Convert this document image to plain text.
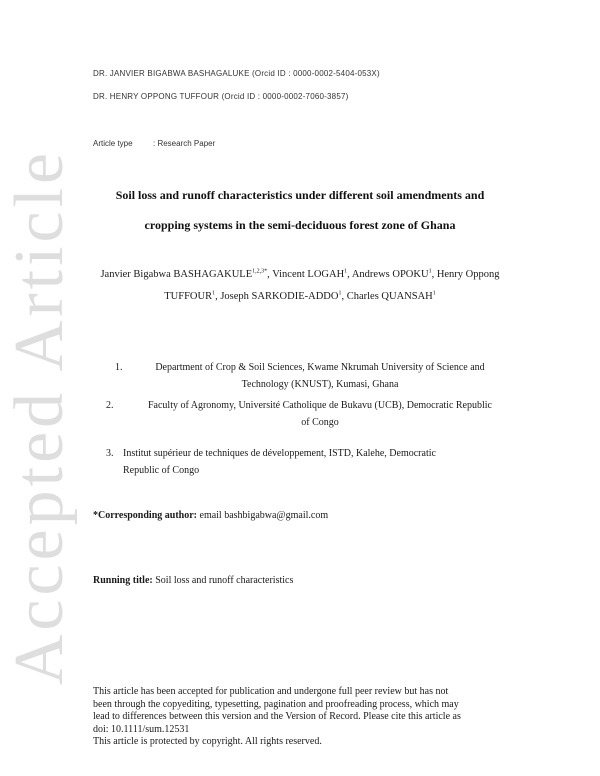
Accepted Article
DR. JANVIER BIGABWA BASHAGALUKE (Orcid ID : 0000-0002-5404-053X)
DR. HENRY OPPONG TUFFOUR (Orcid ID : 0000-0002-7060-3857)
Article type	: Research Paper
Soil loss and runoff characteristics under different soil amendments and
cropping systems in the semi-deciduous forest zone of Ghana
Janvier Bigabwa $BASHAGAKULE^{1,2,3*}$, Vincent LOGAH$^1$, Andrews OPOKU$^1$, Henry Oppong TUFFOUR$^1$, Joseph SARKODIE-ADDO$^1$, Charles QUANSAH$^1$
1.	Department of Crop & Soil Sciences, Kwame Nkrumah University of Science and
Technology (KNUST), Kumasi, Ghana
2.	Faculty of Agronomy, Université Catholique de Bukavu (UCB), Democratic Republic
of Congo
3. Institut supérieur de techniques de développement, ISTD, Kalehe, Democratic
Republic of Congo
*Corresponding author: email bashbigabwa@gmail.com
Running title: Soil loss and runoff characteristics
This article has been accepted for publication and undergone full peer review but has not
been through the copyediting, typesetting, pagination and proofreading process, which may
lead to differences between this version and the Version of Record. Please cite this article as
doi: 10.1111/sum.12531
This article is protected by copyright. All rights reserved.
